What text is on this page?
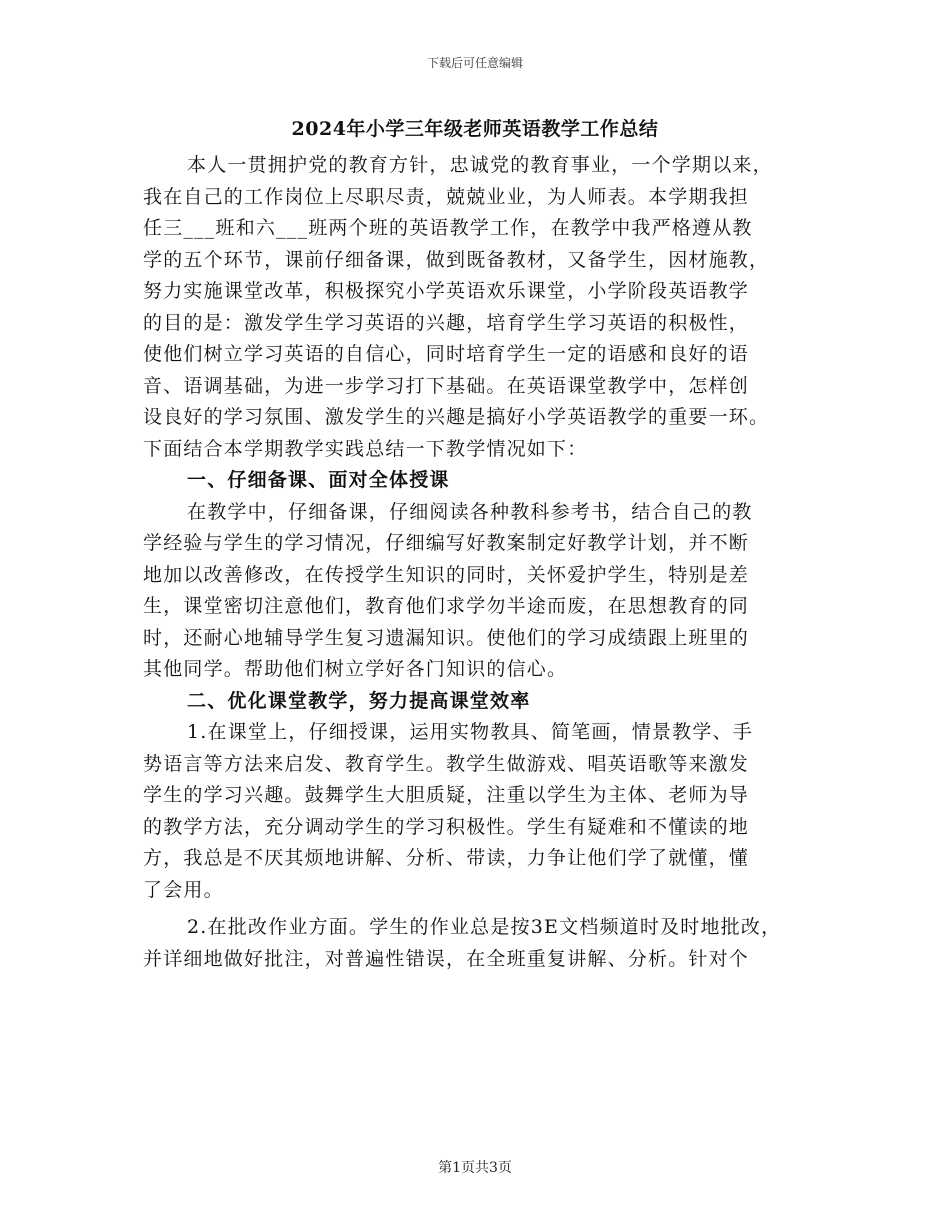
下载后可任意编辑
2024年小学三年级老师英语教学工作总结
本人一贯拥护党的教育方针，忠诚党的教育事业，一个学期以来，
我在自己的工作岗位上尽职尽责，兢兢业业，为人师表。本学期我担
任三___班和六___班两个班的英语教学工作，在教学中我严格遵从教
学的五个环节，课前仔细备课，做到既备教材，又备学生，因材施教，
努力实施课堂改革，积极探究小学英语欢乐课堂，小学阶段英语教学
的目的是：激发学生学习英语的兴趣，培育学生学习英语的积极性，
使他们树立学习英语的自信心，同时培育学生一定的语感和良好的语
音、语调基础，为进一步学习打下基础。在英语课堂教学中，怎样创
设良好的学习氛围、激发学生的兴趣是搞好小学英语教学的重要一环。
下面结合本学期教学实践总结一下教学情况如下：
一、仔细备课、面对全体授课
在教学中，仔细备课，仔细阅读各种教科参考书，结合自己的教
学经验与学生的学习情况，仔细编写好教案制定好教学计划，并不断
地加以改善修改，在传授学生知识的同时，关怀爱护学生，特别是差
生，课堂密切注意他们，教育他们求学勿半途而废，在思想教育的同
时，还耐心地辅导学生复习遗漏知识。使他们的学习成绩跟上班里的
其他同学。帮助他们树立学好各门知识的信心。
二、优化课堂教学，努力提高课堂效率
1.在课堂上，仔细授课，运用实物教具、简笔画，情景教学、手
势语言等方法来启发、教育学生。教学生做游戏、唱英语歌等来激发
学生的学习兴趣。鼓舞学生大胆质疑，注重以学生为主体、老师为导
的教学方法，充分调动学生的学习积极性。学生有疑难和不懂读的地
方，我总是不厌其烦地讲解、分析、带读，力争让他们学了就懂，懂
了会用。
2.在批改作业方面。学生的作业总是按3E文档频道时及时地批改，
并详细地做好批注，对普遍性错误，在全班重复讲解、分析。针对个
第1页共3页
